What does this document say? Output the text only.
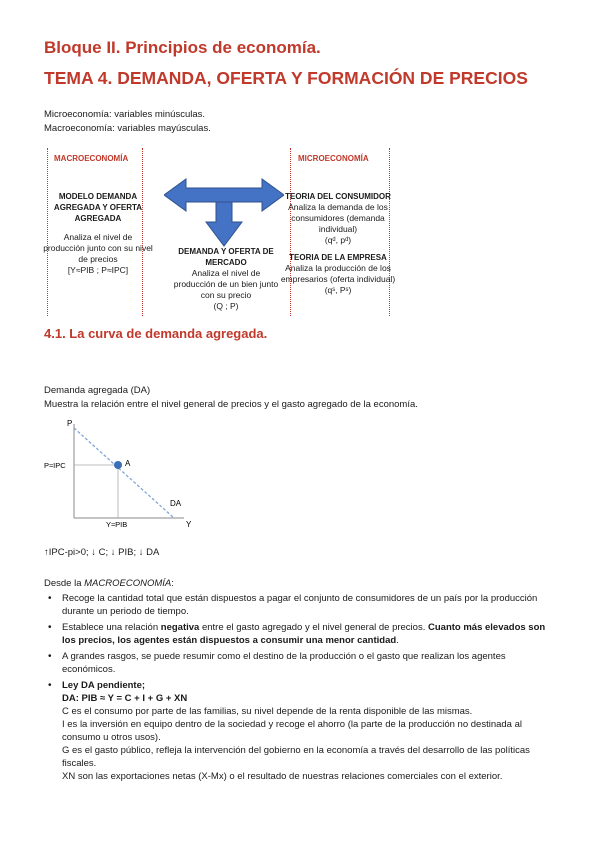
Bloque II. Principios de economía.
TEMA 4. DEMANDA, OFERTA Y FORMACIÓN DE PRECIOS
Microeconomía: variables minúsculas.
Macroeconomía: variables mayúsculas.
MACROECONOMÍA	MICROECONOMÍA
MODELO DEMANDA AGREGADA Y OFERTA AGREGADA
Analiza el nivel de producción junto con su nivel de precios
[Y≈PIB ; P≈IPC]
DEMANDA Y OFERTA DE MERCADO
Analiza el nivel de producción de un bien junto con su precio
(Q ; P)
TEORIA DEL CONSUMIDOR
Analiza la demanda de los consumidores (demanda individual)
(qᵈ, pᵈ)
TEORIA DE LA EMPRESA
Analiza la producción de los empresarios (oferta individual)
(qˢ, Pˢ)
4.1. La curva de demanda agregada.
Demanda agregada (DA)
Muestra la relación entre el nivel general de precios y el gasto agregado de la economía.
P
Y
A
DA
P≈IPC
Y≈PIB
↑IPC-pi>0; ↓ C; ↓ PIB; ↓ DA
Desde la MACROECONOMÍA:
• Recoge la cantidad total que están dispuestos a pagar el conjunto de consumidores de un país por la producción durante un periodo de tiempo.
• Establece una relación negativa entre el gasto agregado y el nivel general de precios. Cuanto más elevados son los precios, los agentes están dispuestos a consumir una menor cantidad.
• A grandes rasgos, se puede resumir como el destino de la producción o el gasto que realizan los agentes económicos.
• Ley DA pendiente;
DA: PIB ≈ Y = C + I + G + XN
C es el consumo por parte de las familias, su nivel depende de la renta disponible de las mismas.
I es la inversión en equipo dentro de la sociedad y recoge el ahorro (la parte de la producción no destinada al consumo u otros usos).
G es el gasto público, refleja la intervención del gobierno en la economía a través del desarrollo de las políticas fiscales.
XN son las exportaciones netas (X-Mx) o el resultado de nuestras relaciones comerciales con el exterior.
